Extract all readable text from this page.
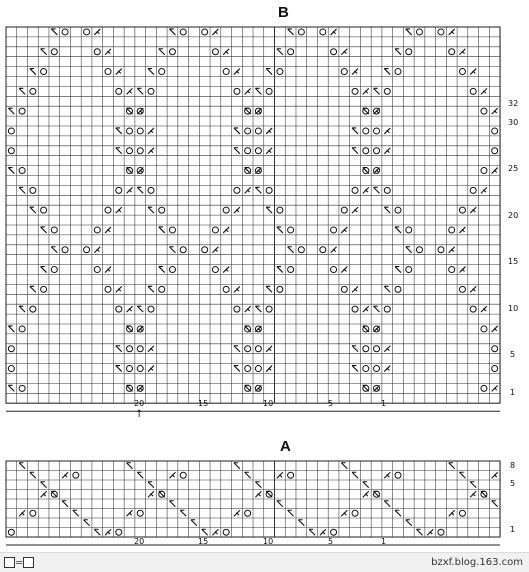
B
A
1
5
10
15
20
25
30
32
1
5
10
15
20
↑
1
5
8
1
5
10
15
20
=	bzxf.blog.163.com
